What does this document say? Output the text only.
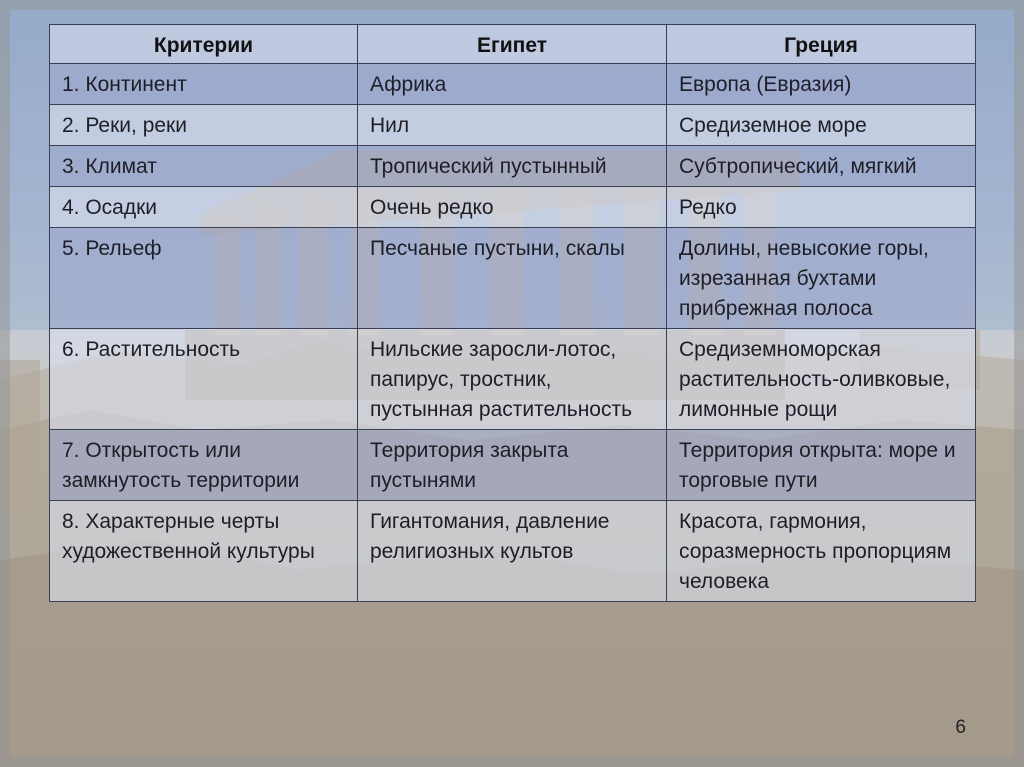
Критерии	Египет	Греция
1. Континент	Африка	Европа (Евразия)
2. Реки, реки	Нил	Средиземное море
3. Климат	Тропический пустынный	Субтропический, мягкий
4. Осадки	Очень редко	Редко
5. Рельеф	Песчаные пустыни, скалы	Долины, невысокие горы, изрезанная бухтами прибрежная полоса
6. Растительность	Нильские заросли-лотос, папирус, тростник, пустынная растительность	Средиземноморская растительность-оливковые, лимонные рощи
7. Открытость или замкнутость территории	Территория закрыта пустынями	Территория открыта: море и торговые пути
8. Характерные черты художественной культуры	Гигантомания, давление религиозных культов	Красота, гармония, соразмерность пропорциям человека
6
